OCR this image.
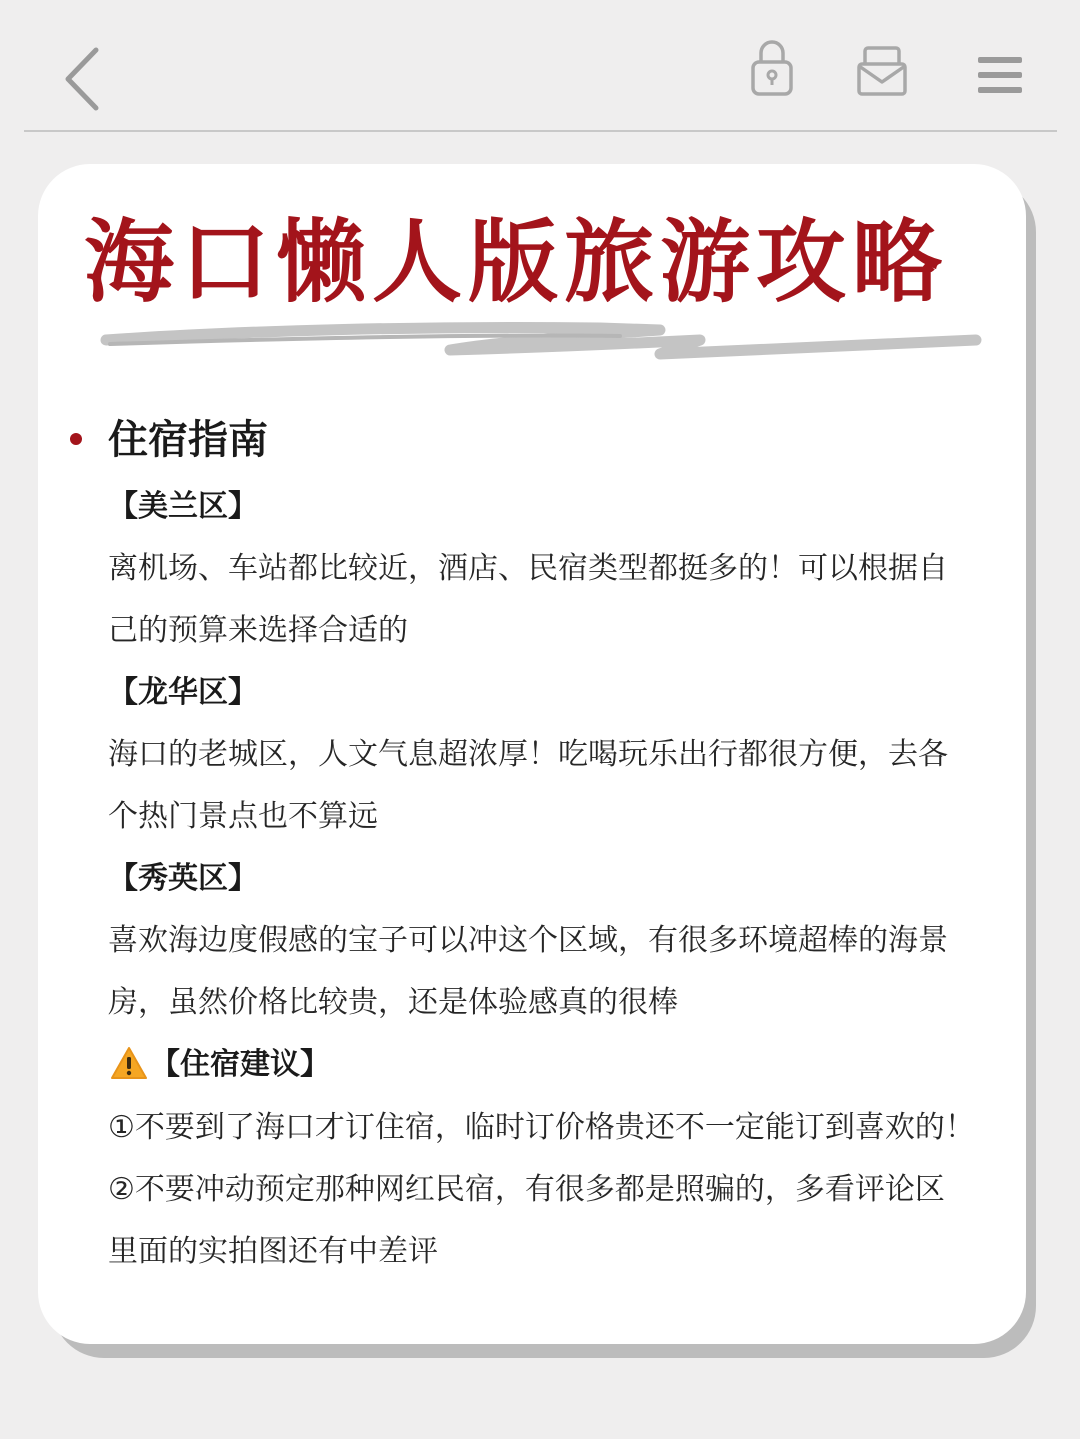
海口懒人版旅游攻略
住宿指南

【美兰区】

离机场、车站都比较近，酒店、民宿类型都挺多的！可以根据自

己的预算来选择合适的

【龙华区】

海口的老城区，人文气息超浓厚！吃喝玩乐出行都很方便，去各

个热门景点也不算远

【秀英区】

喜欢海边度假感的宝子可以冲这个区域，有很多环境超棒的海景

房，虽然价格比较贵，还是体验感真的很棒

【住宿建议】

①不要到了海口才订住宿，临时订价格贵还不一定能订到喜欢的！

②不要冲动预定那种网红民宿，有很多都是照骗的，多看评论区

里面的实拍图还有中差评
